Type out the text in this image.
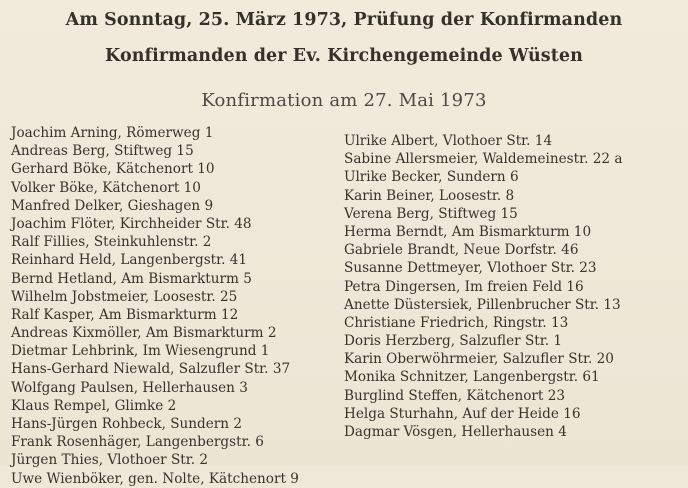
Am Sonntag, 25. März 1973, Prüfung der Konfirmanden
Konfirmanden der Ev. Kirchengemeinde Wüsten
Konfirmation am 27. Mai 1973
Joachim Arning, Römerweg 1
Andreas Berg, Stiftweg 15
Gerhard Böke, Kätchenort 10
Volker Böke, Kätchenort 10
Manfred Delker, Gieshagen 9
Joachim Flöter, Kirchheider Str. 48
Ralf Fillies, Steinkuhlenstr. 2
Reinhard Held, Langenbergstr. 41
Bernd Hetland, Am Bismarkturm 5
Wilhelm Jobstmeier, Loosestr. 25
Ralf Kasper, Am Bismarkturm 12
Andreas Kixmöller, Am Bismarkturm 2
Dietmar Lehbrink, Im Wiesengrund 1
Hans-Gerhard Niewald, Salzufler Str. 37
Wolfgang Paulsen, Hellerhausen 3
Klaus Rempel, Glimke 2
Hans-Jürgen Rohbeck, Sundern 2
Frank Rosenhäger, Langenbergstr. 6
Jürgen Thies, Vlothoer Str. 2
Uwe Wienböker, gen. Nolte, Kätchenort 9
Ulrike Albert, Vlothoer Str. 14
Sabine Allersmeier, Waldemeinestr. 22 a
Ulrike Becker, Sundern 6
Karin Beiner, Loosestr. 8
Verena Berg, Stiftweg 15
Herma Berndt, Am Bismarkturm 10
Gabriele Brandt, Neue Dorfstr. 46
Susanne Dettmeyer, Vlothoer Str. 23
Petra Dingersen, Im freien Feld 16
Anette Düstersiek, Pillenbrucher Str. 13
Christiane Friedrich, Ringstr. 13
Doris Herzberg, Salzufler Str. 1
Karin Oberwöhrmeier, Salzufler Str. 20
Monika Schnitzer, Langenbergstr. 61
Burglind Steffen, Kätchenort 23
Helga Sturhahn, Auf der Heide 16
Dagmar Vösgen, Hellerhausen 4
